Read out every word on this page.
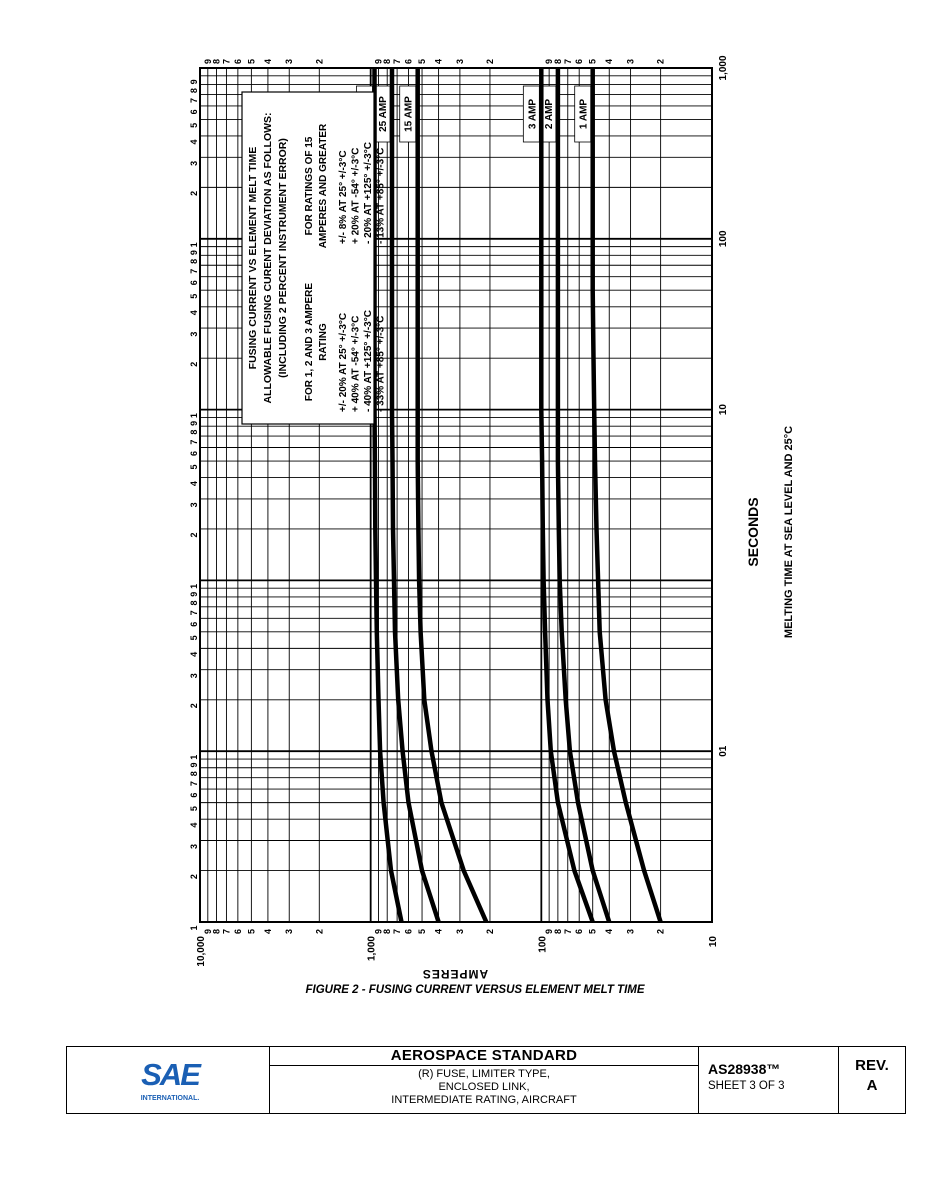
1 AMP
2 AMP
3 AMP
15 AMP
25 AMP
1
2
3
4
5
6
7
8
9
1
2
3
4
5
6
7
8
9
1
2
3
4
5
6
7
8
9
1
2
3
4
5
6
7
8
9
1
2
3
4
5
6
7
8
9
2
2
3
3
4
4
5
5
6
6
7
7
8
8
9
9
2
2
3
3
4
4
5
5
6
6
7
7
8
8
9
9
2
2
3
3
4
4
5
5
6
6
7
7
8
8
9
9
01
10
100
1,000
10
100
1,000
10,000
FUSING CURRENT VS ELEMENT MELT TIME ALLOWABLE FUSING CURENT DEVIATION AS FOLLOWS: (INCLUDING 2 PERCENT INSTRUMENT ERROR) FOR 1, 2 AND 3 AMPERE RATING +/- 20% AT 25° +/-3°C + 40% AT -54° +/-3°C - 40% AT +125° +/-3°C - 33% AT +85° +/-3°C
FOR RATINGS OF 15 AMPERES AND GREATER +/- 8% AT 25° +/-3°C + 20% AT -54° +/-3°C - 20% AT +125° +/-3°C - 13% AT +85° +/-3°C
SECONDS MELTING TIME AT SEA LEVEL AND 25°C
AMPERES
FIGURE 2 - FUSING CURRENT VERSUS ELEMENT MELT TIME
SAE
INTERNATIONAL.
AEROSPACE STANDARD
(R) FUSE, LIMITER TYPE,
ENCLOSED LINK,
INTERMEDIATE RATING, AIRCRAFT
AS28938™
SHEET 3 OF 3
REV.
A
